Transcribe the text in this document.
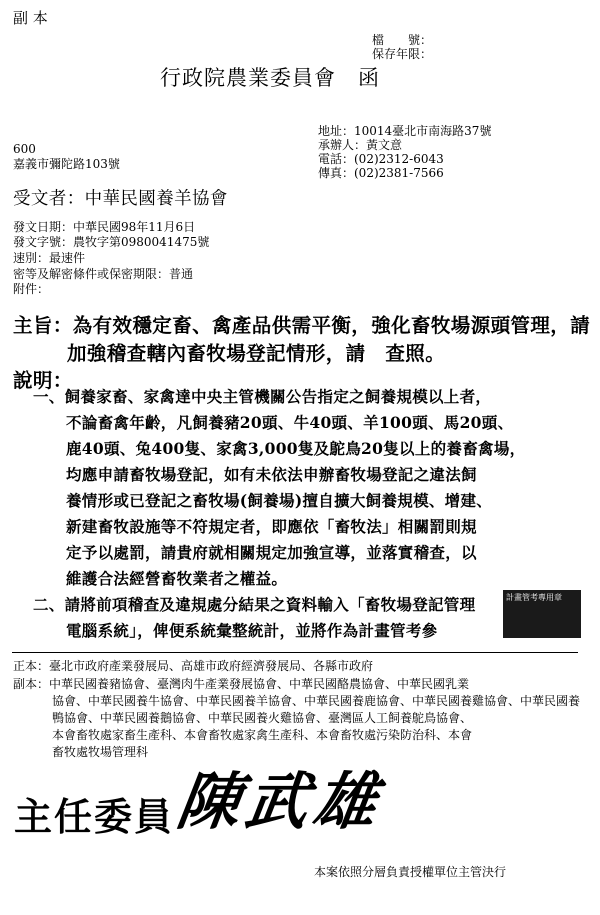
副 本
檔　　號：
保存年限：
行政院農業委員會　函
地址：10014臺北市南海路37號
承辦人：黃文意
電話：(02)2312-6043
傳真：(02)2381-7566
600
嘉義市彌陀路103號
受文者：中華民國養羊協會
發文日期：中華民國98年11月6日
發文字號：農牧字第0980041475號
速別：最速件
密等及解密條件或保密期限：普通
附件：
主旨：為有效穩定畜、禽產品供需平衡，強化畜牧場源頭管理，請
加強稽查轄內畜牧場登記情形，請　查照。
說明：
一、飼養家畜、家禽達中央主管機關公告指定之飼養規模以上者，
不論畜禽年齡，凡飼養豬20頭、牛40頭、羊100頭、馬20頭、
鹿40頭、兔400隻、家禽3,000隻及鴕鳥20隻以上的養畜禽場，
均應申請畜牧場登記，如有未依法申辦畜牧場登記之違法飼
養情形或已登記之畜牧場(飼養場)擅自擴大飼養規模、增建、
新建畜牧設施等不符規定者，即應依「畜牧法」相關罰則規
定予以處罰，請貴府就相關規定加強宣導，並落實稽查，以
維護合法經營畜牧業者之權益。
二、請將前項稽查及違規處分結果之資料輸入「畜牧場登記管理
電腦系統」，俾便系統彙整統計，並將作為計畫管考參
計畫管考專用章
正本：臺北市政府產業發展局、高雄市政府經濟發展局、各縣市政府
副本：中華民國養豬協會、臺灣肉牛產業發展協會、中華民國酪農協會、中華民國乳業
協會、中華民國養牛協會、中華民國養羊協會、中華民國養鹿協會、中華民國養雞協會、中華民國養
鴨協會、中華民國養鵝協會、中華民國養火雞協會、臺灣區人工飼養鴕鳥協會、
本會畜牧處家畜生產科、本會畜牧處家禽生產科、本會畜牧處污染防治科、本會
畜牧處牧場管理科
主任委員
陳武雄
本案依照分層負責授權單位主管決行
